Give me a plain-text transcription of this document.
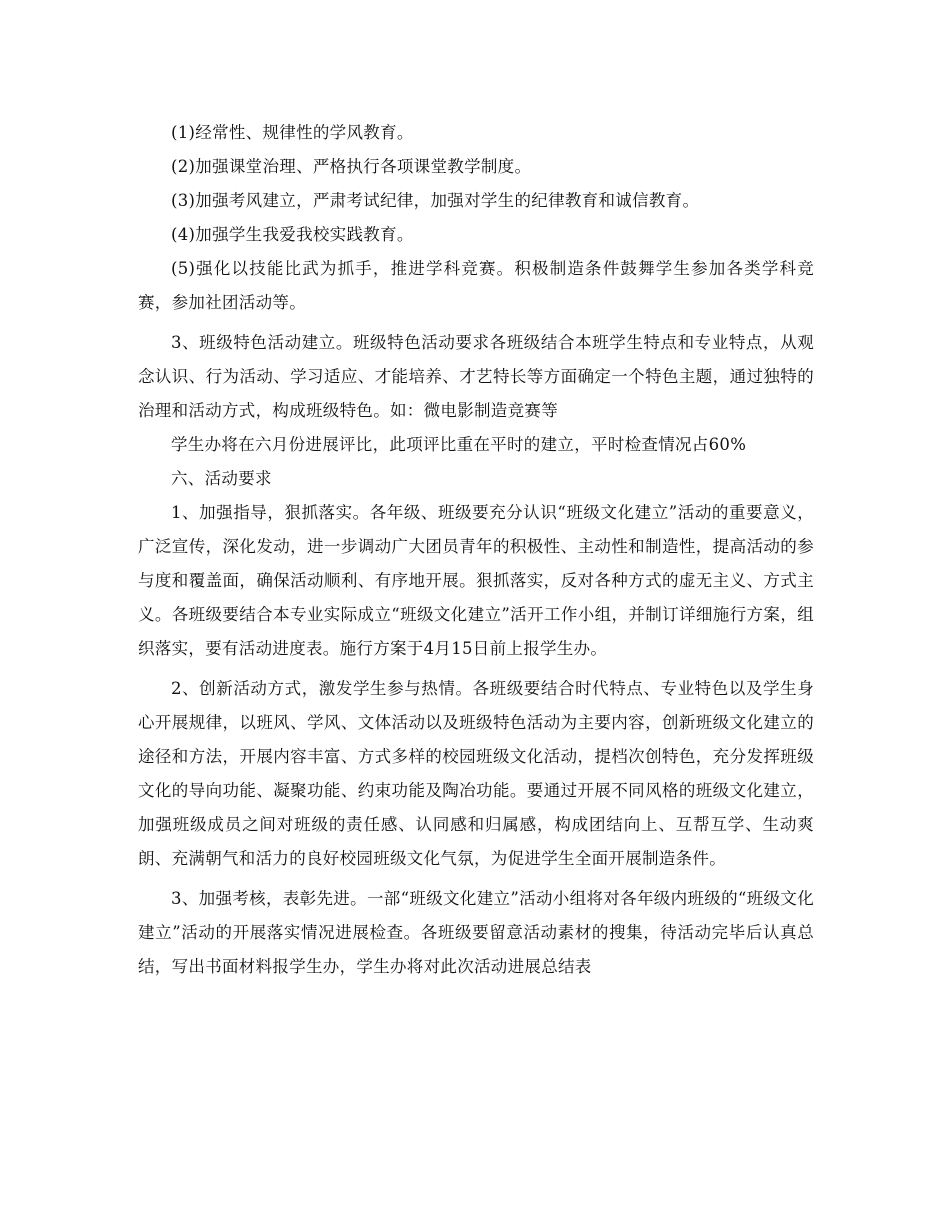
(1)经常性、规律性的学风教育。

(2)加强课堂治理、严格执行各项课堂教学制度。

(3)加强考风建立，严肃考试纪律，加强对学生的纪律教育和诚信教育。

(4)加强学生我爱我校实践教育。

(5)强化以技能比武为抓手，推进学科竞赛。积极制造条件鼓舞学生参加各类学科竞赛，参加社团活动等。

3、班级特色活动建立。班级特色活动要求各班级结合本班学生特点和专业特点，从观念认识、行为活动、学习适应、才能培养、才艺特长等方面确定一个特色主题，通过独特的治理和活动方式，构成班级特色。如：微电影制造竞赛等

学生办将在六月份进展评比，此项评比重在平时的建立，平时检查情况占60%

六、活动要求

1、加强指导，狠抓落实。各年级、班级要充分认识“班级文化建立”活动的重要意义，广泛宣传，深化发动，进一步调动广大团员青年的积极性、主动性和制造性，提高活动的参与度和覆盖面，确保活动顺利、有序地开展。狠抓落实，反对各种方式的虚无主义、方式主义。各班级要结合本专业实际成立“班级文化建立”活开工作小组，并制订详细施行方案，组织落实，要有活动进度表。施行方案于4月15日前上报学生办。

2、创新活动方式，激发学生参与热情。各班级要结合时代特点、专业特色以及学生身心开展规律，以班风、学风、文体活动以及班级特色活动为主要内容，创新班级文化建立的途径和方法，开展内容丰富、方式多样的校园班级文化活动，提档次创特色，充分发挥班级文化的导向功能、凝聚功能、约束功能及陶冶功能。要通过开展不同风格的班级文化建立，加强班级成员之间对班级的责任感、认同感和归属感，构成团结向上、互帮互学、生动爽朗、充满朝气和活力的良好校园班级文化气氛，为促进学生全面开展制造条件。

3、加强考核，表彰先进。一部“班级文化建立”活动小组将对各年级内班级的“班级文化建立”活动的开展落实情况进展检查。各班级要留意活动素材的搜集，待活动完毕后认真总结，写出书面材料报学生办，学生办将对此次活动进展总结表
